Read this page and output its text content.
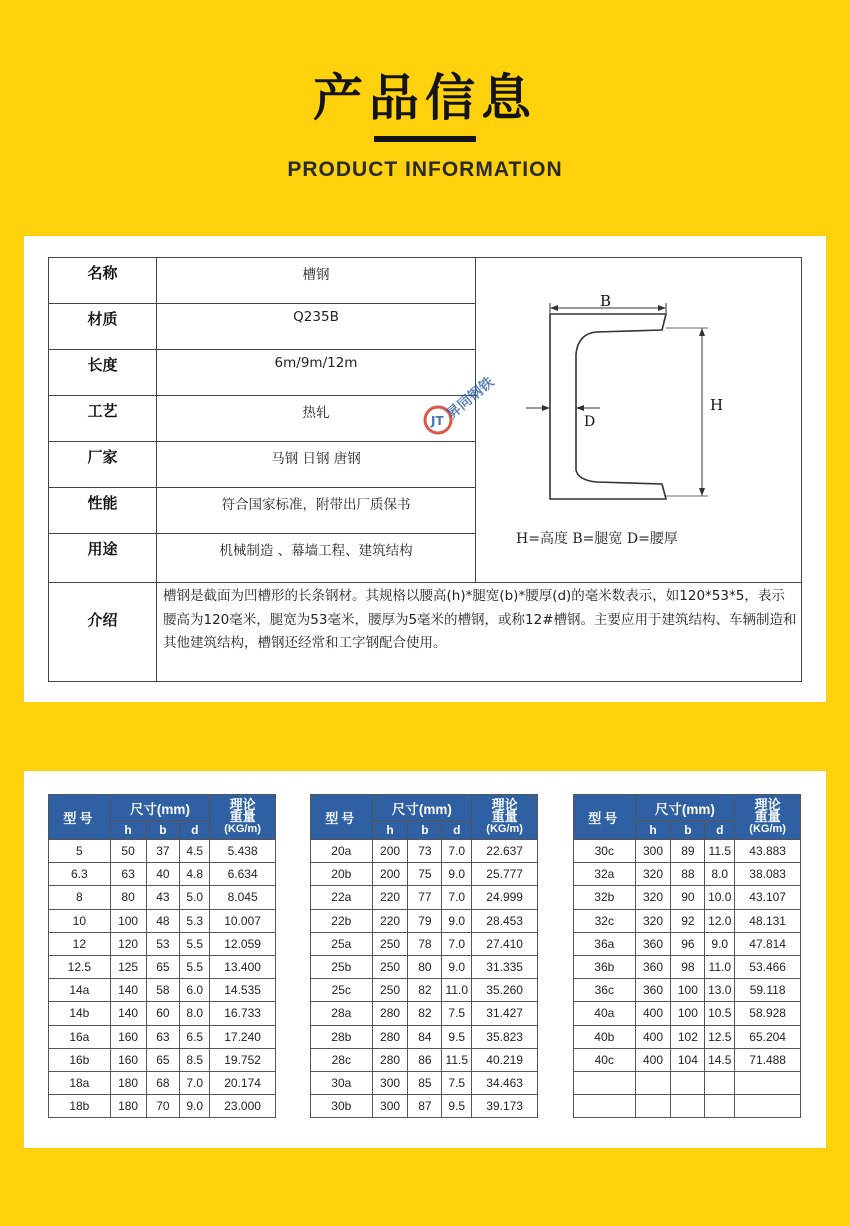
产品信息
PRODUCT INFORMATION
名称	槽钢
材质	Q235B
长度	6m/9m/12m
工艺	热轧
厂家	马钢 日钢 唐钢
性能	符合国家标准，附带出厂质保书
用途	机械制造 、幕墙工程、建筑结构
介绍
槽钢是截面为凹槽形的长条钢材。其规格以腰高(h)*腿宽(b)*腰厚(d)的毫米数表示，如120*53*5，表示腰高为120毫米，腿宽为53毫米，腰厚为5毫米的槽钢，或称12#槽钢。主要应用于建筑结构、车辆制造和其他建筑结构，槽钢还经常和工字钢配合使用。
JT
B
H
D
H=高度 B=腿宽 D=腰厚
昇同钢铁
型号	尺寸(mm)			理论
重量
(KG/m)

	h	b	d	
5	50	37	4.5	5.438
6.3	63	40	4.8	6.634
8	80	43	5.0	8.045
10	100	48	5.3	10.007
12	120	53	5.5	12.059
12.5	125	65	5.5	13.400
14a	140	58	6.0	14.535
14b	140	60	8.0	16.733
16a	160	63	6.5	17.240
16b	160	65	8.5	19.752
18a	180	68	7.0	20.174
18b	180	70	9.0	23.000
型号	尺寸(mm)			理论
重量
(KG/m)

	h	b	d	
20a	200	73	7.0	22.637
20b	200	75	9.0	25.777
22a	220	77	7.0	24.999
22b	220	79	9.0	28.453
25a	250	78	7.0	27.410
25b	250	80	9.0	31.335
25c	250	82	11.0	35.260
28a	280	82	7.5	31.427
28b	280	84	9.5	35.823
28c	280	86	11.5	40.219
30a	300	85	7.5	34.463
30b	300	87	9.5	39.173
型号	尺寸(mm)			理论
重量
(KG/m)

	h	b	d	
30c	300	89	11.5	43.883
32a	320	88	8.0	38.083
32b	320	90	10.0	43.107
32c	320	92	12.0	48.131
36a	360	96	9.0	47.814
36b	360	98	11.0	53.466
36c	360	100	13.0	59.118
40a	400	100	10.5	58.928
40b	400	102	12.5	65.204
40c	400	104	14.5	71.488
